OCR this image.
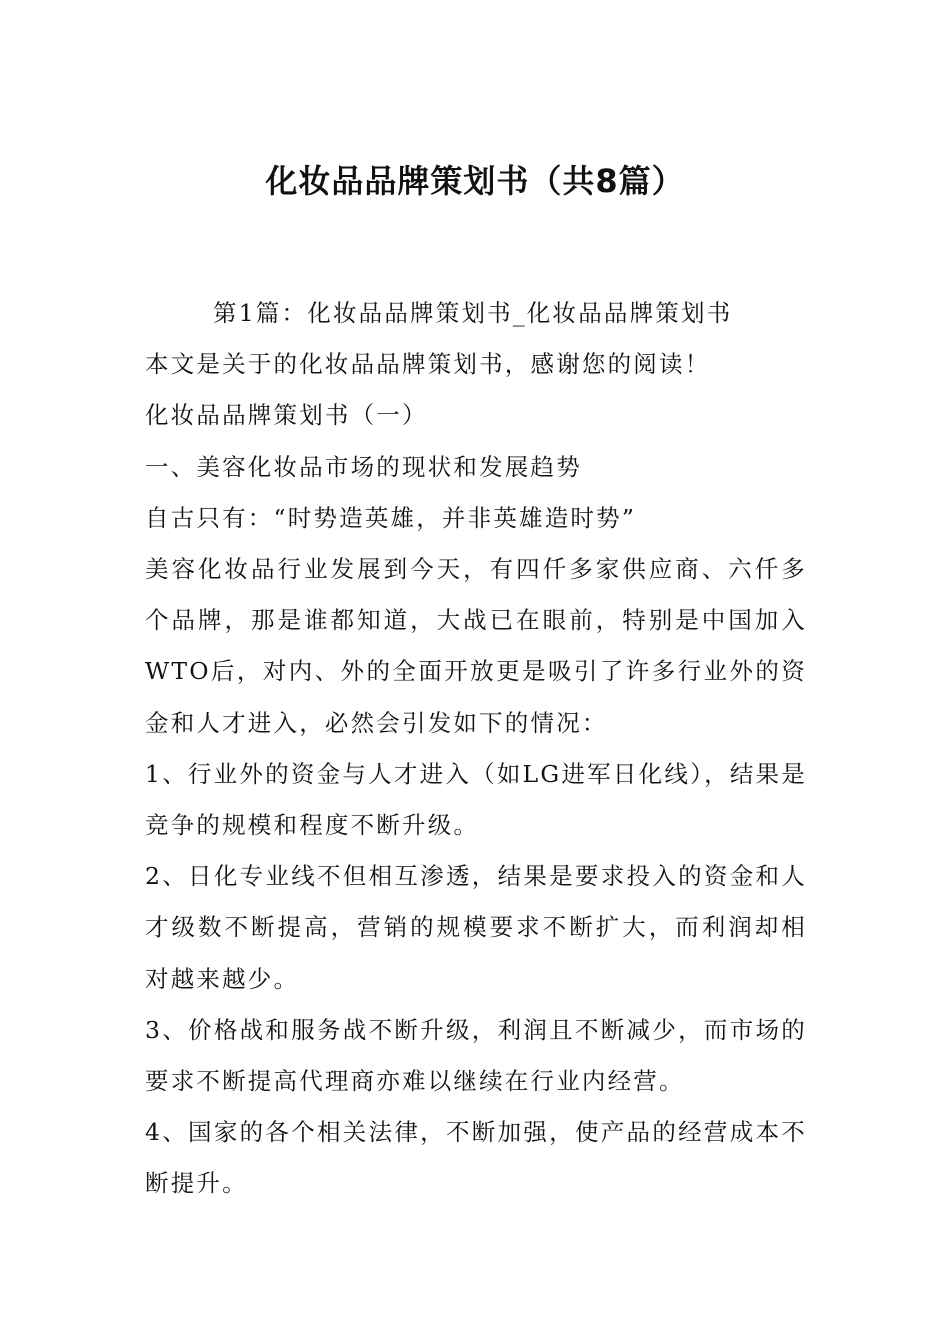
化妆品品牌策划书（共8篇）

第1篇：化妆品品牌策划书_化妆品品牌策划书

本文是关于的化妆品品牌策划书，感谢您的阅读！

化妆品品牌策划书（一）

一、美容化妆品市场的现状和发展趋势

自古只有：“时势造英雄，并非英雄造时势”

美容化妆品行业发展到今天，有四仟多家供应商、六仟多个品牌，那是谁都知道，大战已在眼前，特别是中国加入WTO后，对内、外的全面开放更是吸引了许多行业外的资金和人才进入，必然会引发如下的情况：

1、行业外的资金与人才进入（如LG进军日化线），结果是竞争的规模和程度不断升级。

2、日化专业线不但相互渗透，结果是要求投入的资金和人才级数不断提高，营销的规模要求不断扩大，而利润却相对越来越少。

3、价格战和服务战不断升级，利润且不断减少，而市场的要求不断提高代理商亦难以继续在行业内经营。

4、国家的各个相关法律，不断加强，使产品的经营成本不断提升。
